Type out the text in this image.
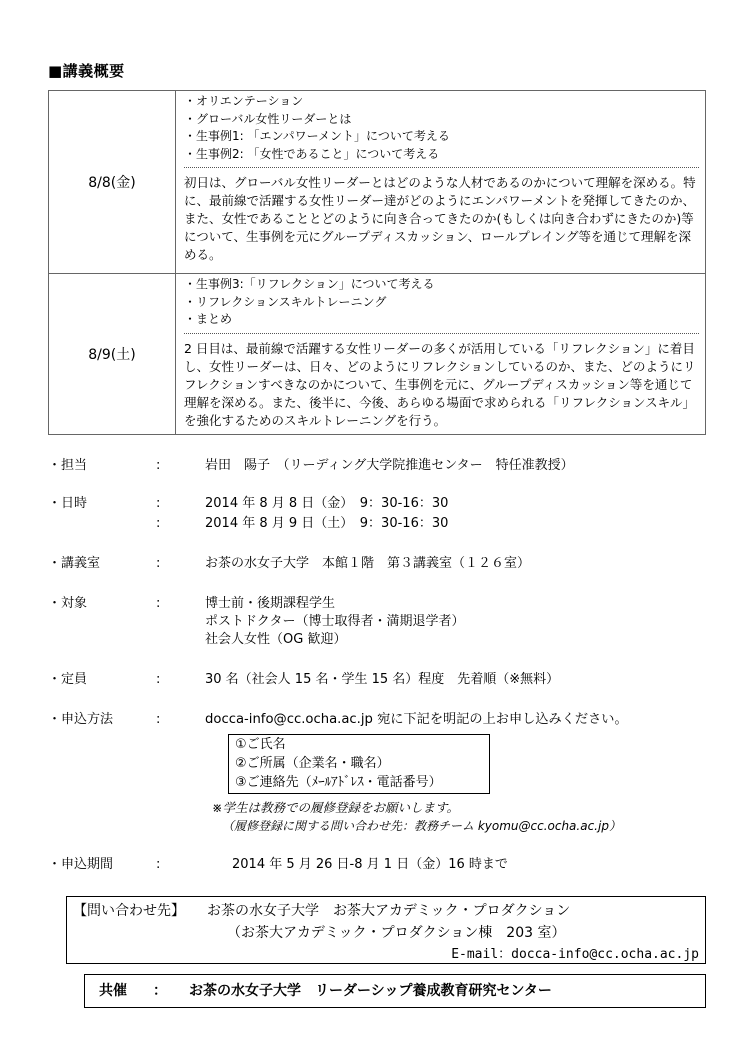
■講義概要
8/8(金)	・オリエンテーション
・グローバル女性リーダーとは
・生事例1: 「エンパワーメント」について考える
・生事例2: 「女性であること」について考える
初日は、グローバル女性リーダーとはどのような人材であるのかについて理解を深める。特に、最前線で活躍する女性リーダー達がどのようにエンパワーメントを発揮してきたのか、また、女性であることとどのように向き合ってきたのか(もしくは向き合わずにきたのか)等について、生事例を元にグループディスカッション、ロールプレイング等を通じて理解を深める。

8/9(土)	・生事例3:「リフレクション」について考える
・リフレクションスキルトレーニング
・まとめ
2 日目は、最前線で活躍する女性リーダーの多くが活用している「リフレクション」に着目し、女性リーダーは、日々、どのようにリフレクションしているのか、また、どのようにリフレクションすべきなのかについて、生事例を元に、グループディスカッション等を通じて理解を深める。また、後半に、今後、あらゆる場面で求められる「リフレクションスキル」を強化するためのスキルトレーニングを行う。
・担当	:	岩田　陽子　（リーディング大学院推進センター　特任准教授）
・日時	:	2014 年 8 月 8 日（金）　9：30-16：30
:	2014 年 8 月 9 日（土）　9：30-16：30
・講義室	:	お茶の水女子大学　本館１階　第３講義室（１２６室）
・対象	:	博士前・後期課程学生
ポストドクター（博士取得者・満期退学者）
社会人女性（OG 歓迎）
・定員	:	30 名（社会人 15 名・学生 15 名）程度　先着順（※無料）
・申込方法	:	docca-info@cc.ocha.ac.jp 宛に下記を明記の上お申し込みください。
①ご氏名
②ご所属（企業名・職名）
③ご連絡先（ﾒｰﾙｱﾄﾞﾚｽ・電話番号）
※学生は教務での履修登録をお願いします。
（履修登録に関する問い合わせ先：教務チーム kyomu@cc.ocha.ac.jp）
・申込期間	:	2014 年 5 月 26 日-8 月 1 日（金）16 時まで
【問い合わせ先】 お茶の水女子大学　お茶大アカデミック・プロダクション
（お茶大アカデミック・プロダクション棟　203 室）
E-mail：docca-info@cc.ocha.ac.jp
共催 ： お茶の水女子大学　リーダーシップ養成教育研究センター
